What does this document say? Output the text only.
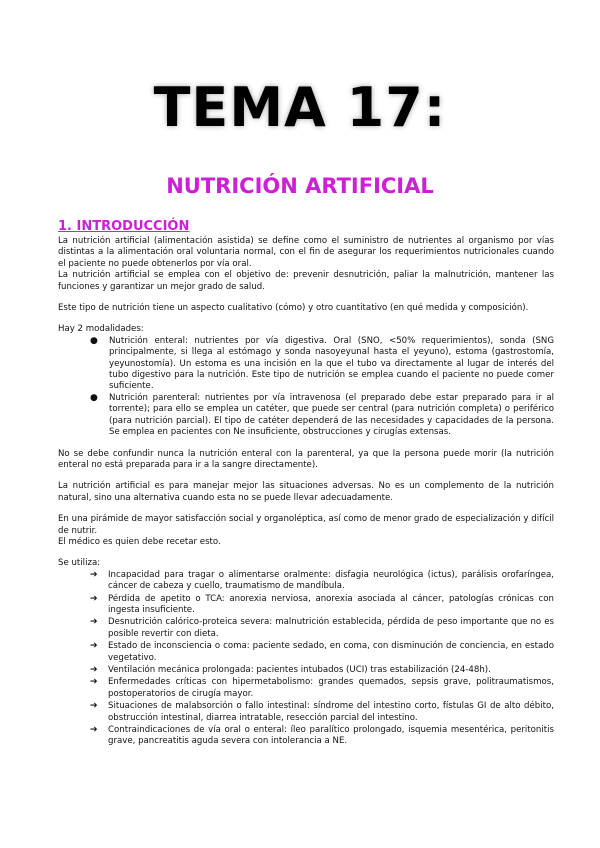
TEMA 17:
NUTRICIÓN ARTIFICIAL
1. INTRODUCCIÓN

La nutrición artificial (alimentación asistida) se define como el suministro de nutrientes al organismo por vías distintas a la alimentación oral voluntaria normal, con el fin de asegurar los requerimientos nutricionales cuando el paciente no puede obtenerlos por vía oral.

La nutrición artificial se emplea con el objetivo de: prevenir desnutrición, paliar la malnutrición, mantener las funciones y garantizar un mejor grado de salud.

Este tipo de nutrición tiene un aspecto cualitativo (cómo) y otro cuantitativo (en qué medida y composición).

Hay 2 modalidades:

● Nutrición enteral: nutrientes por vía digestiva. Oral (SNO, <50% requerimientos), sonda (SNG principalmente, si llega al estómago y sonda nasoyeyunal hasta el yeyuno), estoma (gastrostomía, yeyunostomía). Un estoma es una incisión en la que el tubo va directamente al lugar de interés del tubo digestivo para la nutrición. Este tipo de nutrición se emplea cuando el paciente no puede comer suficiente.
● Nutrición parenteral: nutrientes por vía intravenosa (el preparado debe estar preparado para ir al torrente); para ello se emplea un catéter, que puede ser central (para nutrición completa) o periférico (para nutrición parcial). El tipo de catéter dependerá de las necesidades y capacidades de la persona. Se emplea en pacientes con Ne insuficiente, obstrucciones y cirugías extensas.

No se debe confundir nunca la nutrición enteral con la parenteral, ya que la persona puede morir (la nutrición enteral no está preparada para ir a la sangre directamente).

La nutrición artificial es para manejar mejor las situaciones adversas. No es un complemento de la nutrición natural, sino una alternativa cuando esta no se puede llevar adecuadamente.

En una pirámide de mayor satisfacción social y organoléptica, así como de menor grado de especialización y difícil de nutrir.

El médico es quien debe recetar esto.

Se utiliza:

➔ Incapacidad para tragar o alimentarse oralmente: disfagia neurológica (ictus), parálisis orofaríngea, cáncer de cabeza y cuello, traumatismo de mandíbula.
➔ Pérdida de apetito o TCA: anorexia nerviosa, anorexia asociada al cáncer, patologías crónicas con ingesta insuficiente.
➔ Desnutrición calórico-proteica severa: malnutrición establecida, pérdida de peso importante que no es posible revertir con dieta.
➔ Estado de inconsciencia o coma: paciente sedado, en coma, con disminución de conciencia, en estado vegetativo.
➔ Ventilación mecánica prolongada: pacientes intubados (UCI) tras estabilización (24-48h).
➔ Enfermedades críticas con hipermetabolismo: grandes quemados, sepsis grave, politraumatismos, postoperatorios de cirugía mayor.
➔ Situaciones de malabsorción o fallo intestinal: síndrome del intestino corto, fístulas GI de alto débito, obstrucción intestinal, diarrea intratable, resección parcial del intestino.
➔ Contraindicaciones de vía oral o enteral: íleo paralítico prolongado, isquemia mesentérica, peritonitis grave, pancreatitis aguda severa con intolerancia a NE.
